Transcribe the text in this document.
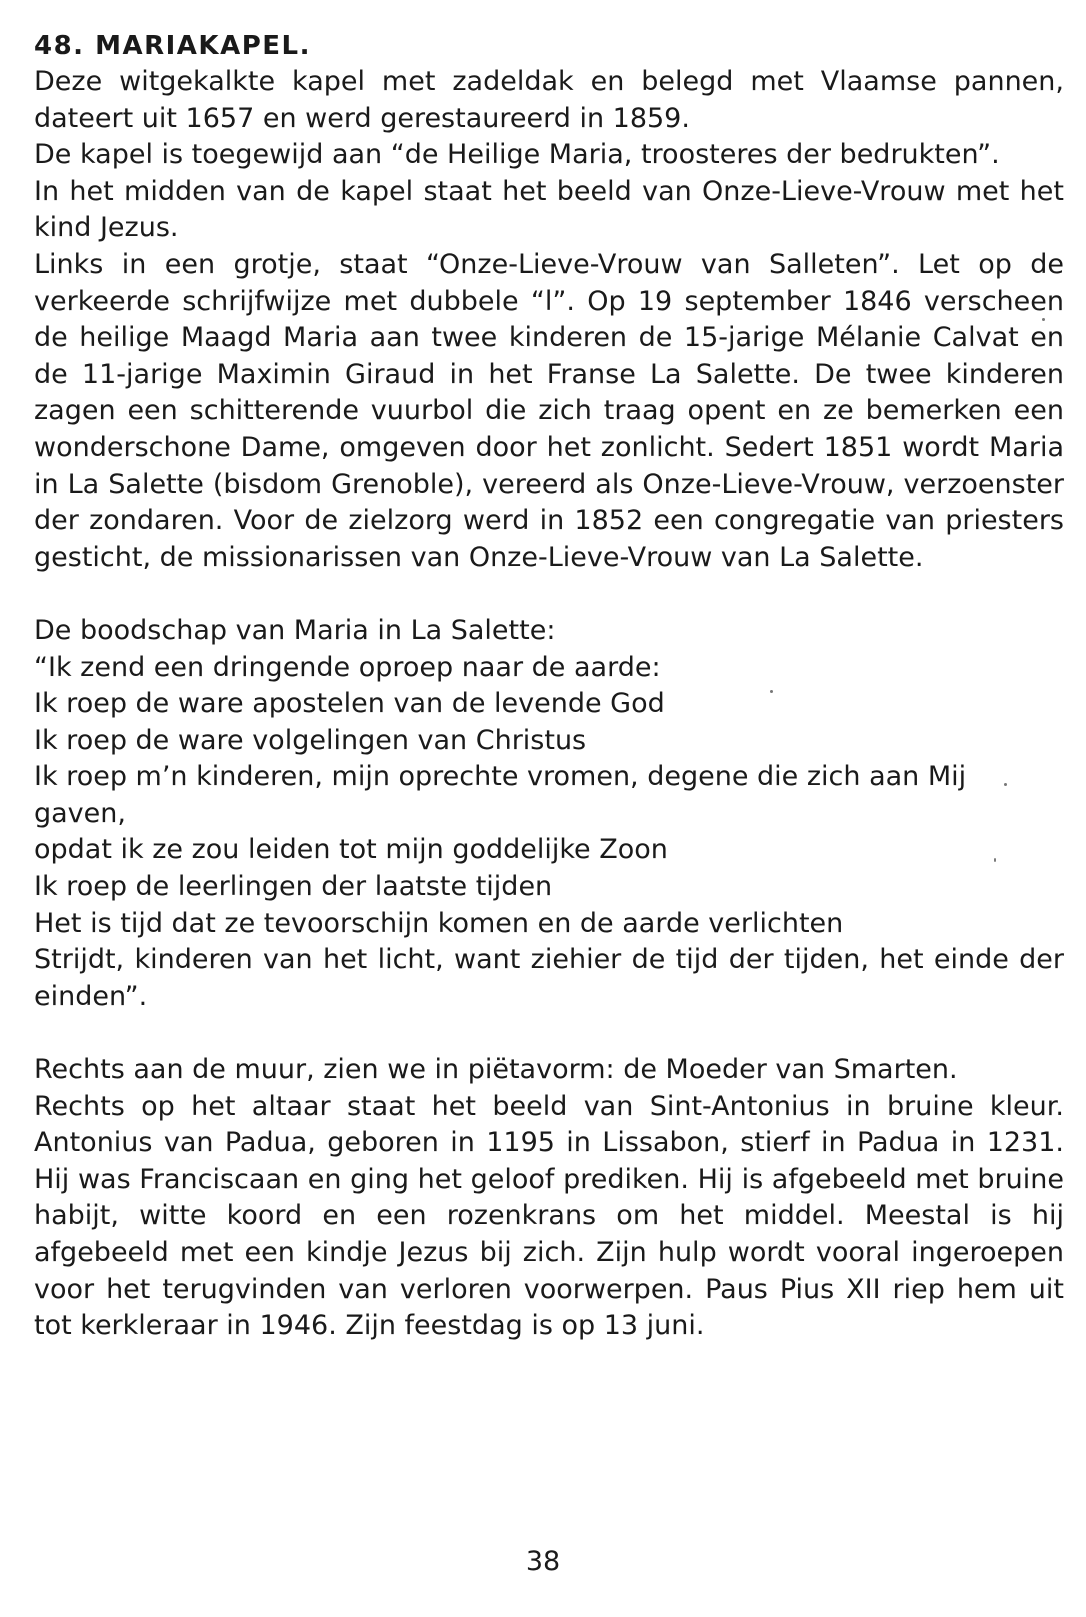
48. MARIAKAPEL.

Deze witgekalkte kapel met zadeldak en belegd met Vlaamse pannen, dateert uit 1657 en werd gerestaureerd in 1859.

De kapel is toegewijd aan “de Heilige Maria, troosteres der bedrukten”.

In het midden van de kapel staat het beeld van Onze-Lieve-Vrouw met het kind Jezus.

Links in een grotje, staat “Onze-Lieve-Vrouw van Salleten”. Let op de verkeerde schrijfwijze met dubbele “l”. Op 19 september 1846 verscheen de heilige Maagd Maria aan twee kinderen de 15-jarige Mélanie Calvat en de 11-jarige Maximin Giraud in het Franse La Salette. De twee kinderen zagen een schitterende vuurbol die zich traag opent en ze bemerken een wonderschone Dame, omgeven door het zonlicht. Sedert 1851 wordt Maria in La Salette (bisdom Grenoble), vereerd als Onze-Lieve-Vrouw, verzoenster der zondaren. Voor de zielzorg werd in 1852 een congregatie van priesters gesticht, de missionarissen van Onze-Lieve-Vrouw van La Salette.

De boodschap van Maria in La Salette:

“Ik zend een dringende oproep naar de aarde:

Ik roep de ware apostelen van de levende God

Ik roep de ware volgelingen van Christus

Ik roep m’n kinderen, mijn oprechte vromen, degene die zich aan Mij gaven,

opdat ik ze zou leiden tot mijn goddelijke Zoon

Ik roep de leerlingen der laatste tijden

Het is tijd dat ze tevoorschijn komen en de aarde verlichten

Strijdt, kinderen van het licht, want ziehier de tijd der tijden, het einde der einden”.

Rechts aan de muur, zien we in piëtavorm: de Moeder van Smarten.

Rechts op het altaar staat het beeld van Sint-Antonius in bruine kleur. Antonius van Padua, geboren in 1195 in Lissabon, stierf in Padua in 1231. Hij was Franciscaan en ging het geloof prediken. Hij is afgebeeld met bruine habijt, witte koord en een rozenkrans om het middel. Meestal is hij afgebeeld met een kindje Jezus bij zich. Zijn hulp wordt vooral ingeroepen voor het terugvinden van verloren voorwerpen. Paus Pius XII riep hem uit tot kerkleraar in 1946. Zijn feestdag is op 13 juni.

38
